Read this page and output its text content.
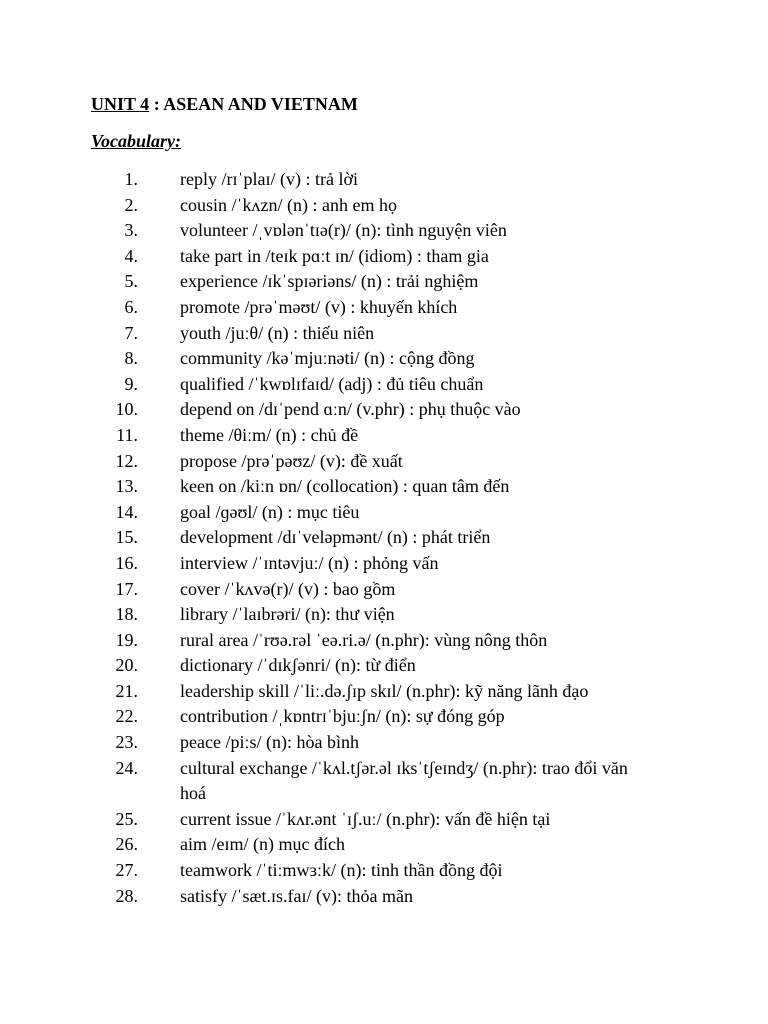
UNIT 4 : ASEAN AND VIETNAM
Vocabulary:
1. reply /rɪˈplaɪ/ (v) : trả lời
2. cousin /ˈkʌzn/ (n) : anh em họ
3. volunteer /ˌvɒlənˈtɪə(r)/ (n): tình nguyện viên
4. take part in /teɪk pɑːt ɪn/ (idiom) : tham gia
5. experience /ɪkˈspɪəriəns/ (n) : trải nghiệm
6. promote /prəˈməʊt/ (v) : khuyến khích
7. youth /juːθ/ (n) : thiếu niên
8. community /kəˈmjuːnəti/ (n) : cộng đồng
9. qualified /ˈkwɒlɪfaɪd/ (adj) : đủ tiêu chuẩn
10. depend on /dɪˈpend ɑːn/ (v.phr) : phụ thuộc vào
11. theme /θiːm/ (n) : chủ đề
12. propose /prəˈpəʊz/ (v): đề xuất
13. keen on /kiːn ɒn/ (collocation) : quan tâm đến
14. goal /ɡəʊl/ (n) : mục tiêu
15. development /dɪˈveləpmənt/ (n) : phát triển
16. interview /ˈɪntəvjuː/ (n) : phỏng vấn
17. cover /ˈkʌvə(r)/ (v) : bao gồm
18. library /ˈlaɪbrəri/ (n): thư viện
19. rural area /ˈrʊə.rəl ˈeə.ri.ə/ (n.phr): vùng nông thôn
20. dictionary /ˈdɪkʃənri/ (n): từ điển
21. leadership skill /ˈliː.də.ʃɪp skɪl/ (n.phr): kỹ năng lãnh đạo
22. contribution /ˌkɒntrɪˈbjuːʃn/ (n): sự đóng góp
23. peace /piːs/ (n): hòa bình
24. cultural exchange /ˈkʌl.tʃər.əl ɪksˈtʃeɪndʒ/ (n.phr): trao đổi văn hoá
25. current issue /ˈkʌr.ənt ˈɪʃ.uː/ (n.phr): vấn đề hiện tại
26. aim /eɪm/ (n) mục đích
27. teamwork /ˈtiːmwɜːk/ (n): tinh thần đồng đội
28. satisfy /ˈsæt.ɪs.faɪ/ (v): thỏa mãn
